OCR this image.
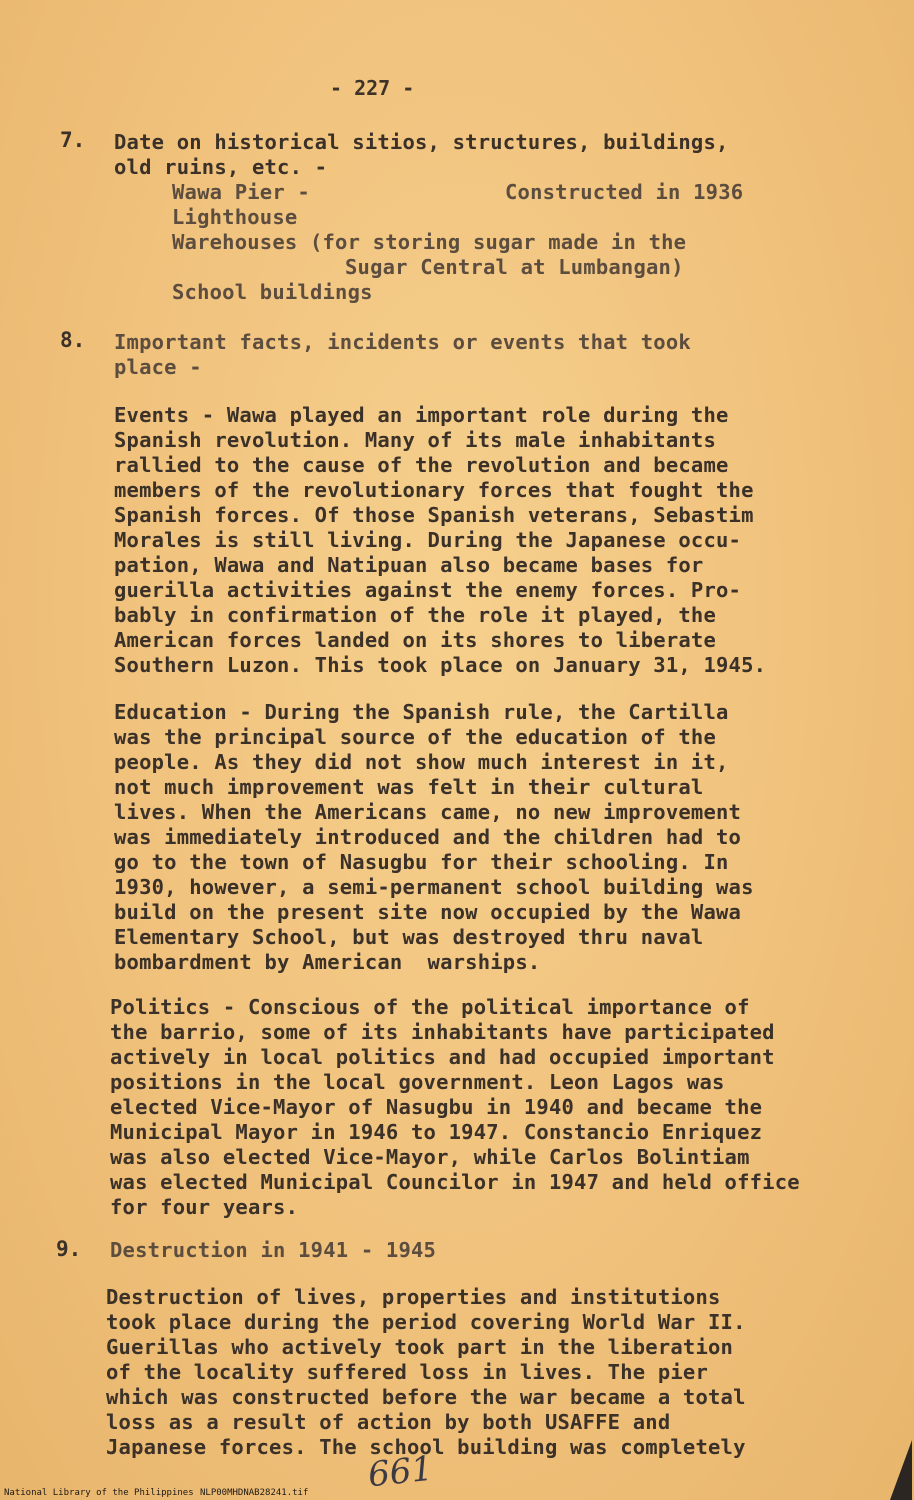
- 227 -
7. Date on historical sitios, structures, buildings,
old ruins, etc. -
Wawa Pier -	Constructed in 1936
Lighthouse
Warehouses (for storing sugar made in the
Sugar Central at Lumbangan)
School buildings
8. Important facts, incidents or events that took
place -
Events - Wawa played an important role during the
Spanish revolution. Many of its male inhabitants
rallied to the cause of the revolution and became
members of the revolutionary forces that fought the
Spanish forces. Of those Spanish veterans, Sebastim
Morales is still living. During the Japanese occu-
pation, Wawa and Natipuan also became bases for
guerilla activities against the enemy forces. Pro-
bably in confirmation of the role it played, the
American forces landed on its shores to liberate
Southern Luzon. This took place on January 31, 1945.
Education - During the Spanish rule, the Cartilla
was the principal source of the education of the
people. As they did not show much interest in it,
not much improvement was felt in their cultural
lives. When the Americans came, no new improvement
was immediately introduced and the children had to
go to the town of Nasugbu for their schooling. In
1930, however, a semi-permanent school building was
build on the present site now occupied by the Wawa
Elementary School, but was destroyed thru naval
bombardment by American  warships.
Politics - Conscious of the political importance of
the barrio, some of its inhabitants have participated
actively in local politics and had occupied important
positions in the local government. Leon Lagos was
elected Vice-Mayor of Nasugbu in 1940 and became the
Municipal Mayor in 1946 to 1947. Constancio Enriquez
was also elected Vice-Mayor, while Carlos Bolintiam
was elected Municipal Councilor in 1947 and held office
for four years.
9. Destruction in 1941 - 1945
Destruction of lives, properties and institutions
took place during the period covering World War II.
Guerillas who actively took part in the liberation
of the locality suffered loss in lives. The pier
which was constructed before the war became a total
loss as a result of action by both USAFFE and
Japanese forces. The school building was completely
661
National Library of the Philippines NLP00MHDNAB28241.tif
